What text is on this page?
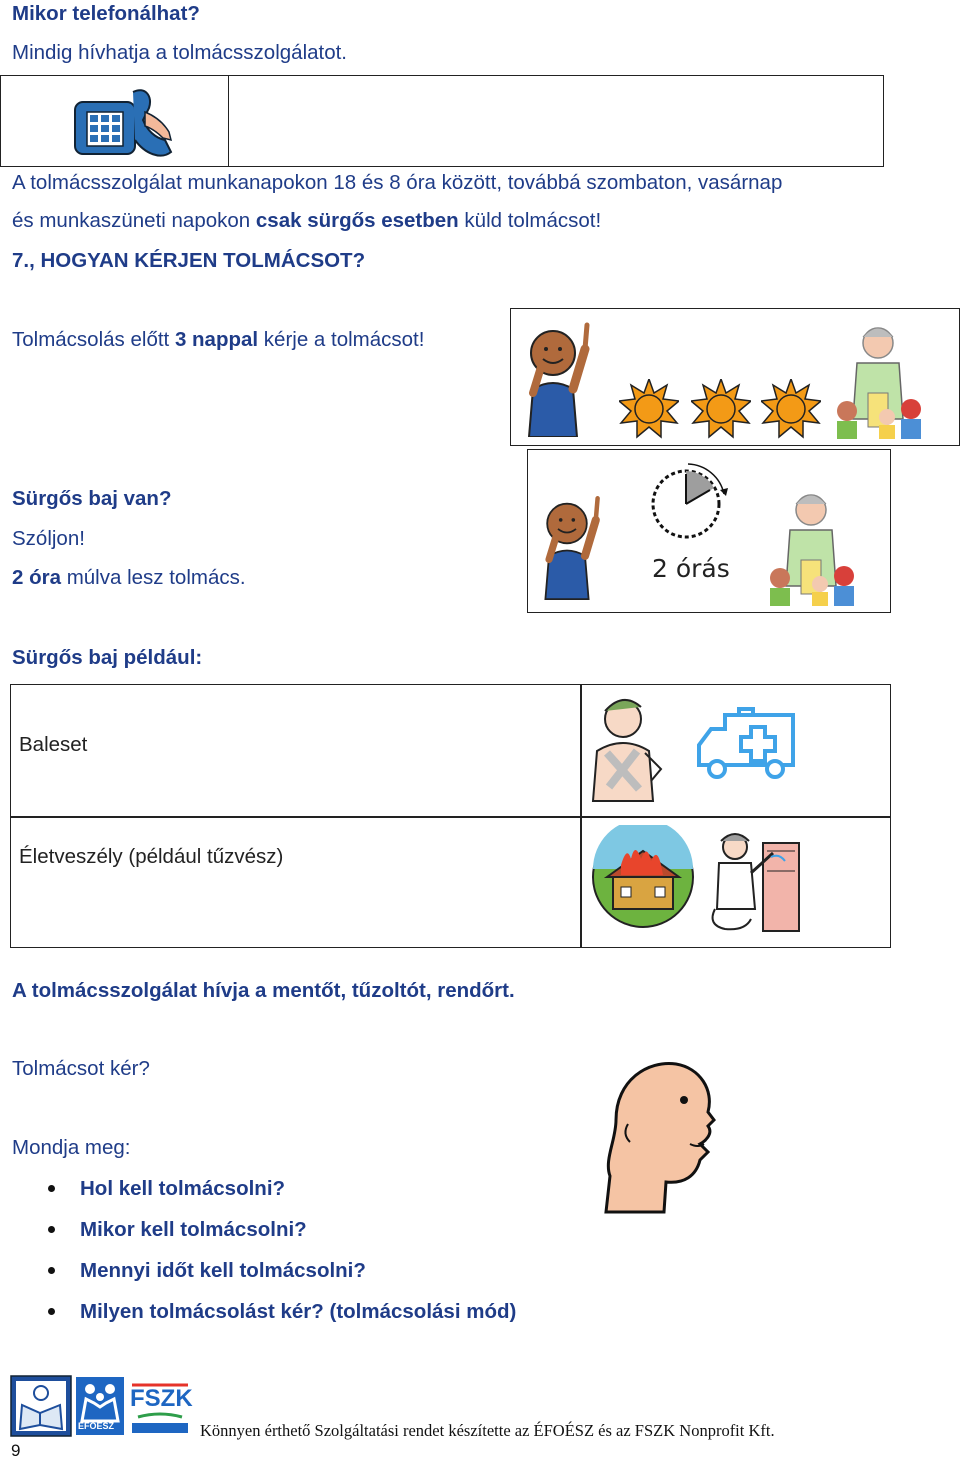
Mikor telefonálhat?
Mindig hívhatja a tolmácsszolgálatot.
A tolmácsszolgálat munkanapokon 18 és 8 óra között, továbbá szombaton, vasárnap
és munkaszüneti napokon csak sürgős esetben küld tolmácsot!
7., HOGYAN KÉRJEN TOLMÁCSOT?
Tolmácsolás előtt 3 nappal kérje a tolmácsot!
Sürgős baj van?
Szóljon!
2 óra múlva lesz tolmács.	2 órás
Sürgős baj például:
Baleset
Életveszély (például tűzvész)
A tolmácsszolgálat hívja a mentőt, tűzoltót, rendőrt.
Tolmácsot kér?
Mondja meg:
Hol kell tolmácsolni?
Mikor kell tolmácsolni?
Mennyi időt kell tolmácsolni?
Milyen tolmácsolást kér? (tolmácsolási mód)
9
ÉFOÉSZ
FSZK
Könnyen érthető Szolgáltatási rendet készítette az ÉFOÉSZ és az FSZK Nonprofit Kft.
